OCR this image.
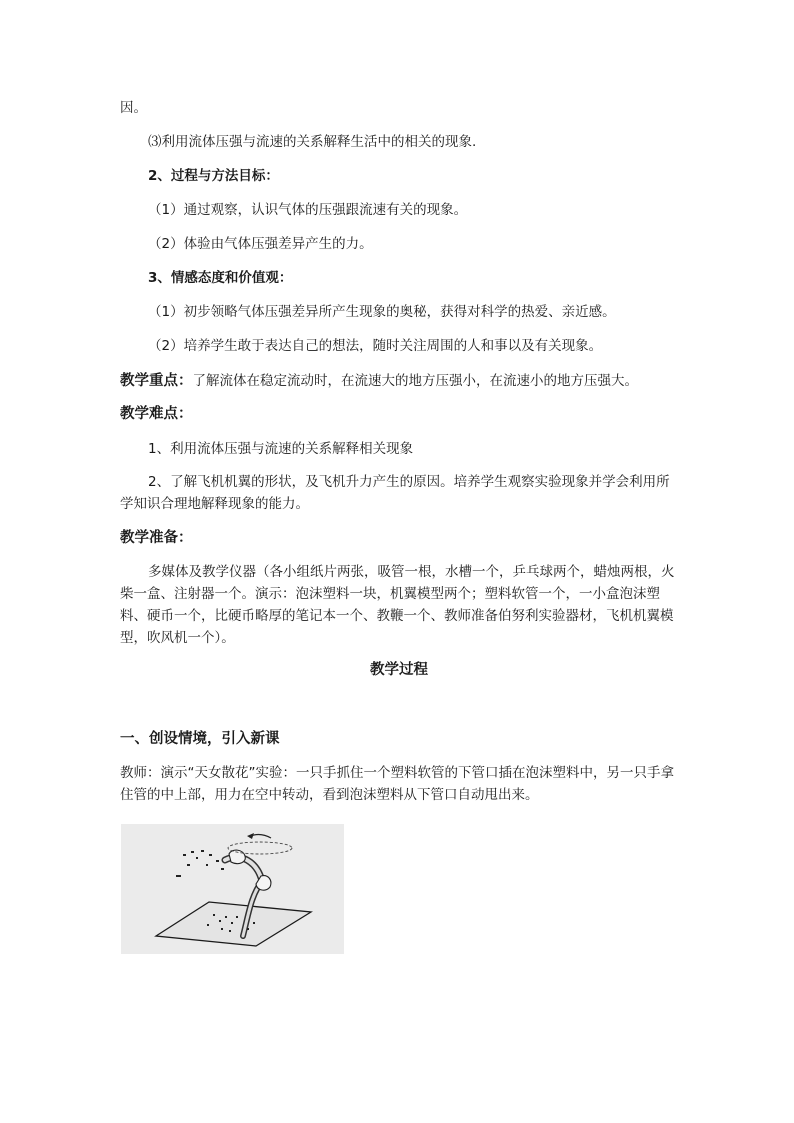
因。
⑶利用流体压强与流速的关系解释生活中的相关的现象.
2、过程与方法目标：
（1）通过观察，认识气体的压强跟流速有关的现象。
（2）体验由气体压强差异产生的力。
3、情感态度和价值观：
（1）初步领略气体压强差异所产生现象的奥秘，获得对科学的热爱、亲近感。
（2）培养学生敢于表达自己的想法，随时关注周围的人和事以及有关现象。
教学重点：了解流体在稳定流动时，在流速大的地方压强小，在流速小的地方压强大。
教学难点：
1、利用流体压强与流速的关系解释相关现象
2、了解飞机机翼的形状，及飞机升力产生的原因。培养学生观察实验现象并学会利用所学知识合理地解释现象的能力。
教学准备：
多媒体及教学仪器（各小组纸片两张，吸管一根，水槽一个，乒乓球两个，蜡烛两根，火柴一盒、注射器一个。演示：泡沫塑料一块，机翼模型两个；塑料软管一个，一小盒泡沫塑料、硬币一个，比硬币略厚的笔记本一个、教鞭一个、教师准备伯努利实验器材，飞机机翼模型，吹风机一个）。
教学过程
一、创设情境，引入新课
教师：演示“天女散花”实验：一只手抓住一个塑料软管的下管口插在泡沫塑料中，另一只手拿住管的中上部，用力在空中转动，看到泡沫塑料从下管口自动甩出来。
